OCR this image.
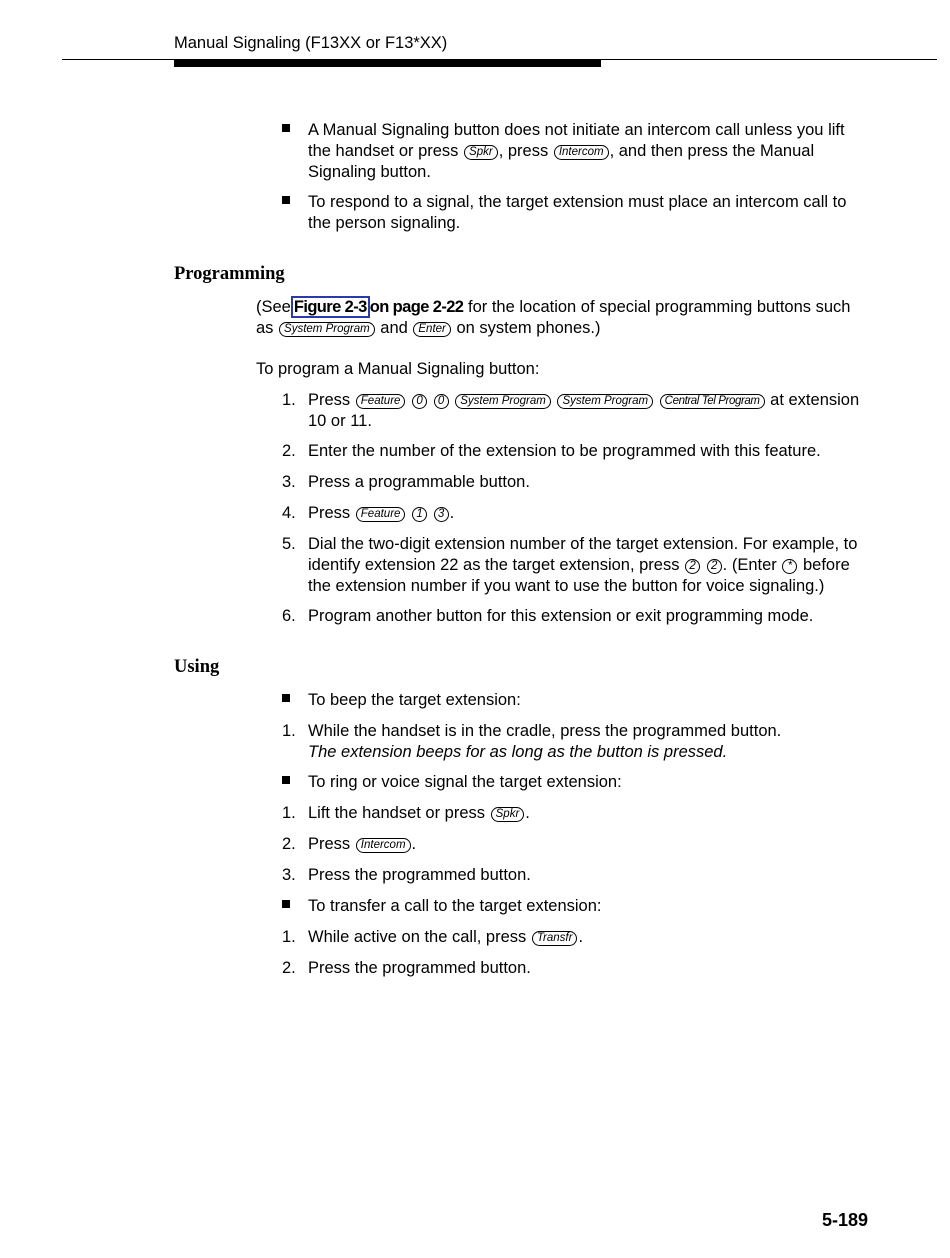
Manual Signaling (F13XX or F13*XX)
A Manual Signaling button does not initiate an intercom call unless you lift the handset or press Spkr , press Intercom , and then press the Manual Signaling button.
To respond to a signal, the target extension must place an intercom call to the person signaling.
Programming
(See Figure 2-3 on page 2-22 for the location of special programming buttons such as System Program and Enter on system phones.)
To program a Manual Signaling button:
1. Press Feature 0 0 System Program System Program Central Tel Program at extension 10 or 11.
2. Enter the number of the extension to be programmed with this feature.
3. Press a programmable button.
4. Press Feature 1 3 .
5. Dial the two-digit extension number of the target extension. For example, to identify extension 22 as the target extension, press 2 2 . (Enter * before the extension number if you want to use the button for voice signaling.)
6. Program another button for this extension or exit programming mode.
Using
To beep the target extension:
1. While the handset is in the cradle, press the programmed button.
The extension beeps for as long as the button is pressed.
To ring or voice signal the target extension:
1. Lift the handset or press Spkr .
2. Press Intercom .
3. Press the programmed button.
To transfer a call to the target extension:
1. While active on the call, press Transfr .
2. Press the programmed button.
5-189
